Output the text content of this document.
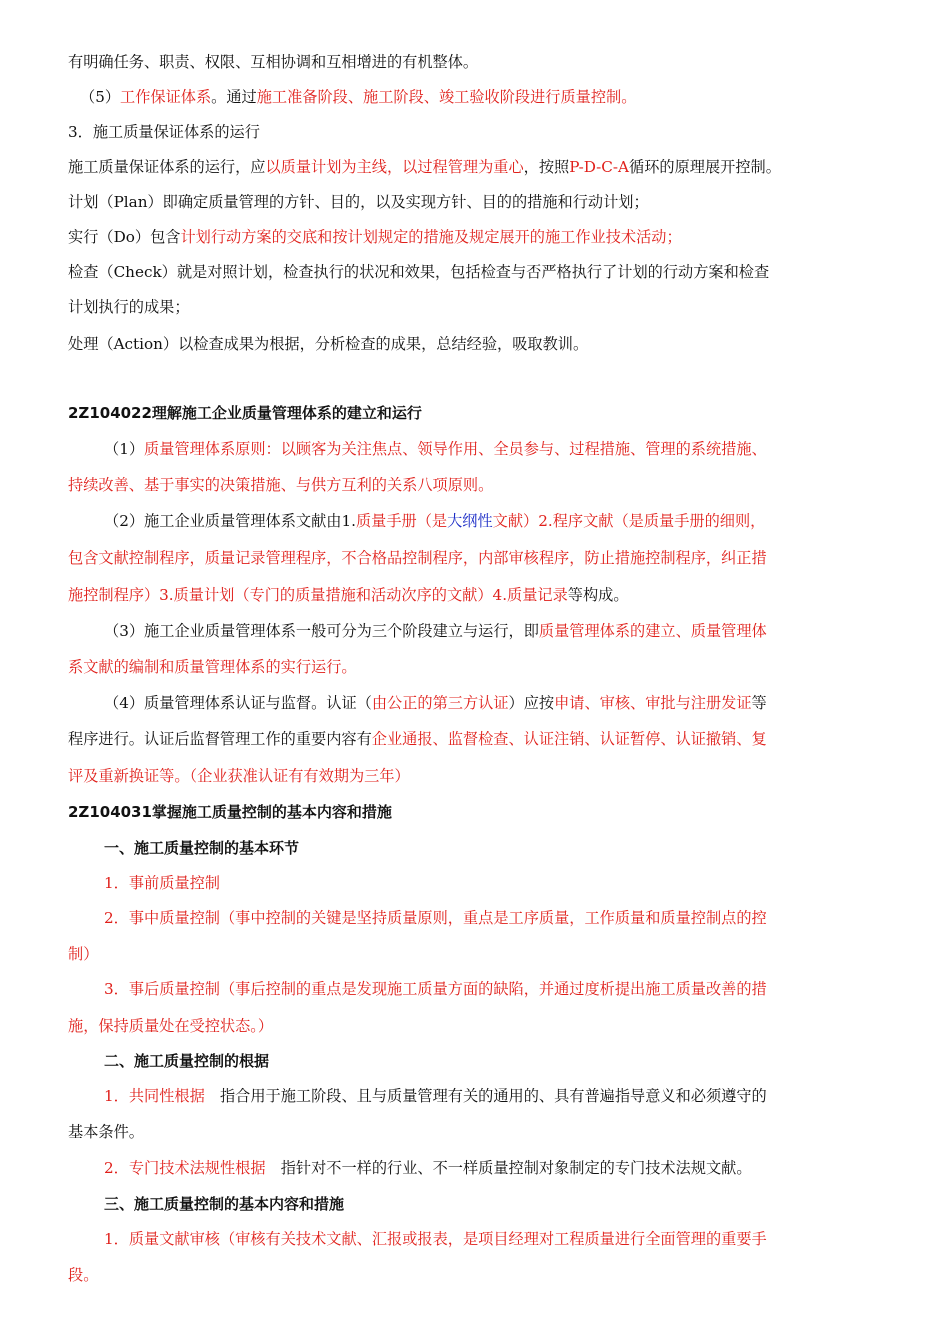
有明确任务、职责、权限、互相协调和互相增进的有机整体。
（5）工作保证体系。通过施工准备阶段、施工阶段、竣工验收阶段进行质量控制。
3．施工质量保证体系的运行
施工质量保证体系的运行，应以质量计划为主线，以过程管理为重心，按照P-D-C-A循环的原理展开控制。
计划（Plan）即确定质量管理的方针、目的，以及实现方针、目的的措施和行动计划；
实行（Do）包含计划行动方案的交底和按计划规定的措施及规定展开的施工作业技术活动；
检查（Check）就是对照计划，检查执行的状况和效果，包括检查与否严格执行了计划的行动方案和检查
计划执行的成果；
处理（Action）以检查成果为根据，分析检查的成果，总结经验，吸取教训。
2Z104022理解施工企业质量管理体系的建立和运行
（1）质量管理体系原则：以顾客为关注焦点、领导作用、全员参与、过程措施、管理的系统措施、
持续改善、基于事实的决策措施、与供方互利的关系八项原则。
（2）施工企业质量管理体系文献由1.质量手册（是大纲性文献）2.程序文献（是质量手册的细则，
包含文献控制程序，质量记录管理程序，不合格品控制程序，内部审核程序，防止措施控制程序，纠正措
施控制程序）3.质量计划（专门的质量措施和活动次序的文献）4.质量记录等构成。
（3）施工企业质量管理体系一般可分为三个阶段建立与运行，即质量管理体系的建立、质量管理体
系文献的编制和质量管理体系的实行运行。
（4）质量管理体系认证与监督。认证（由公正的第三方认证）应按申请、审核、审批与注册发证等
程序进行。认证后监督管理工作的重要内容有企业通报、监督检查、认证注销、认证暂停、认证撤销、复
评及重新换证等。（企业获准认证有有效期为三年）
2Z104031掌握施工质量控制的基本内容和措施
一、施工质量控制的基本环节
1．事前质量控制
2．事中质量控制（事中控制的关键是坚持质量原则，重点是工序质量，工作质量和质量控制点的控
制）
3．事后质量控制（事后控制的重点是发现施工质量方面的缺陷，并通过度析提出施工质量改善的措
施，保持质量处在受控状态。）
二、施工质量控制的根据
1．共同性根据　指合用于施工阶段、且与质量管理有关的通用的、具有普遍指导意义和必须遵守的
基本条件。
2．专门技术法规性根据　指针对不一样的行业、不一样质量控制对象制定的专门技术法规文献。
三、施工质量控制的基本内容和措施
1．质量文献审核（审核有关技术文献、汇报或报表，是项目经理对工程质量进行全面管理的重要手
段。
